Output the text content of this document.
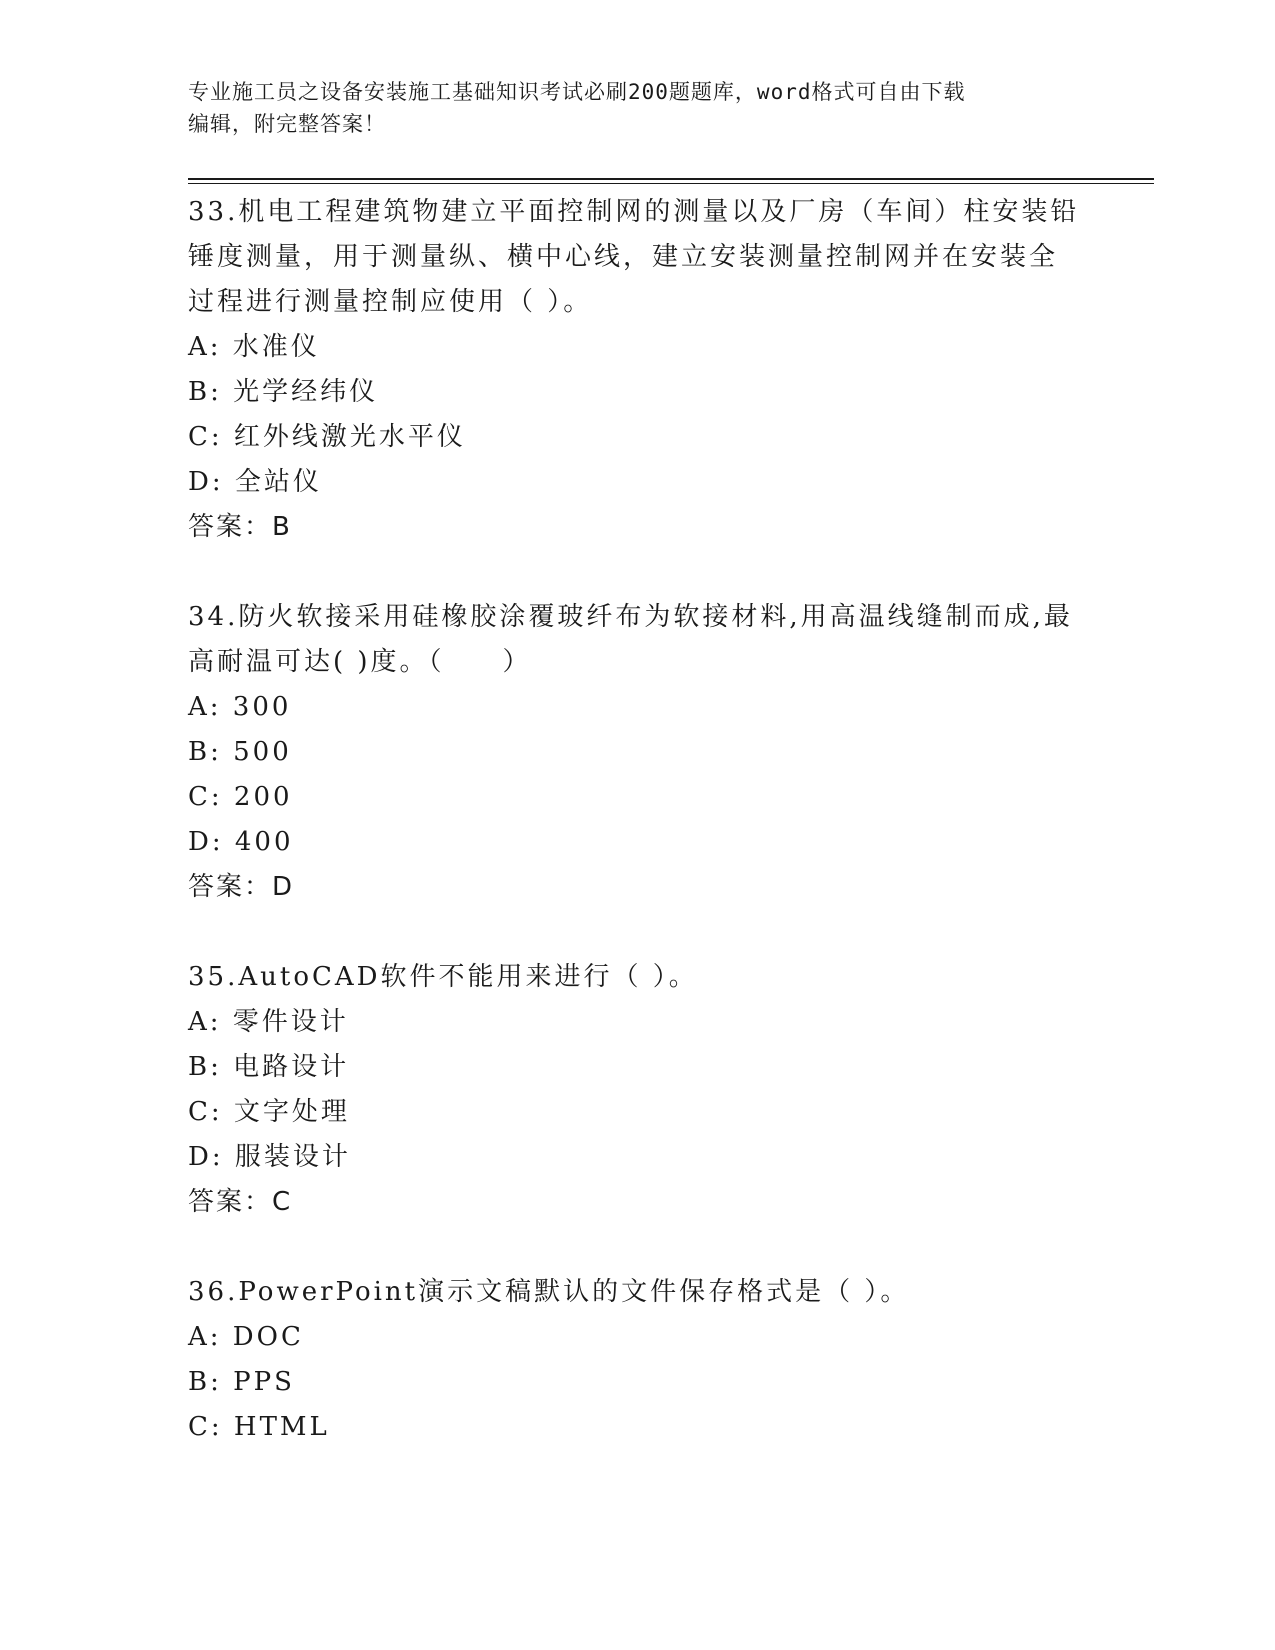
专业施工员之设备安装施工基础知识考试必刷200题题库，word格式可自由下载
编辑，附完整答案！
33.机电工程建筑物建立平面控制网的测量以及厂房（车间）柱安装铅
锤度测量，用于测量纵、横中心线，建立安装测量控制网并在安装全
过程进行测量控制应使用（ ）。
A: 水准仪
B: 光学经纬仪
C: 红外线激光水平仪
D: 全站仪
答案：B
34.防火软接采用硅橡胶涂覆玻纤布为软接材料,用高温线缝制而成,最
高耐温可达( )度。（　　）
A: 300
B: 500
C: 200
D: 400
答案：D
35.AutoCAD软件不能用来进行（ ）。
A: 零件设计
B: 电路设计
C: 文字处理
D: 服装设计
答案：C
36.PowerPoint演示文稿默认的文件保存格式是（ ）。
A: DOC
B: PPS
C: HTML
